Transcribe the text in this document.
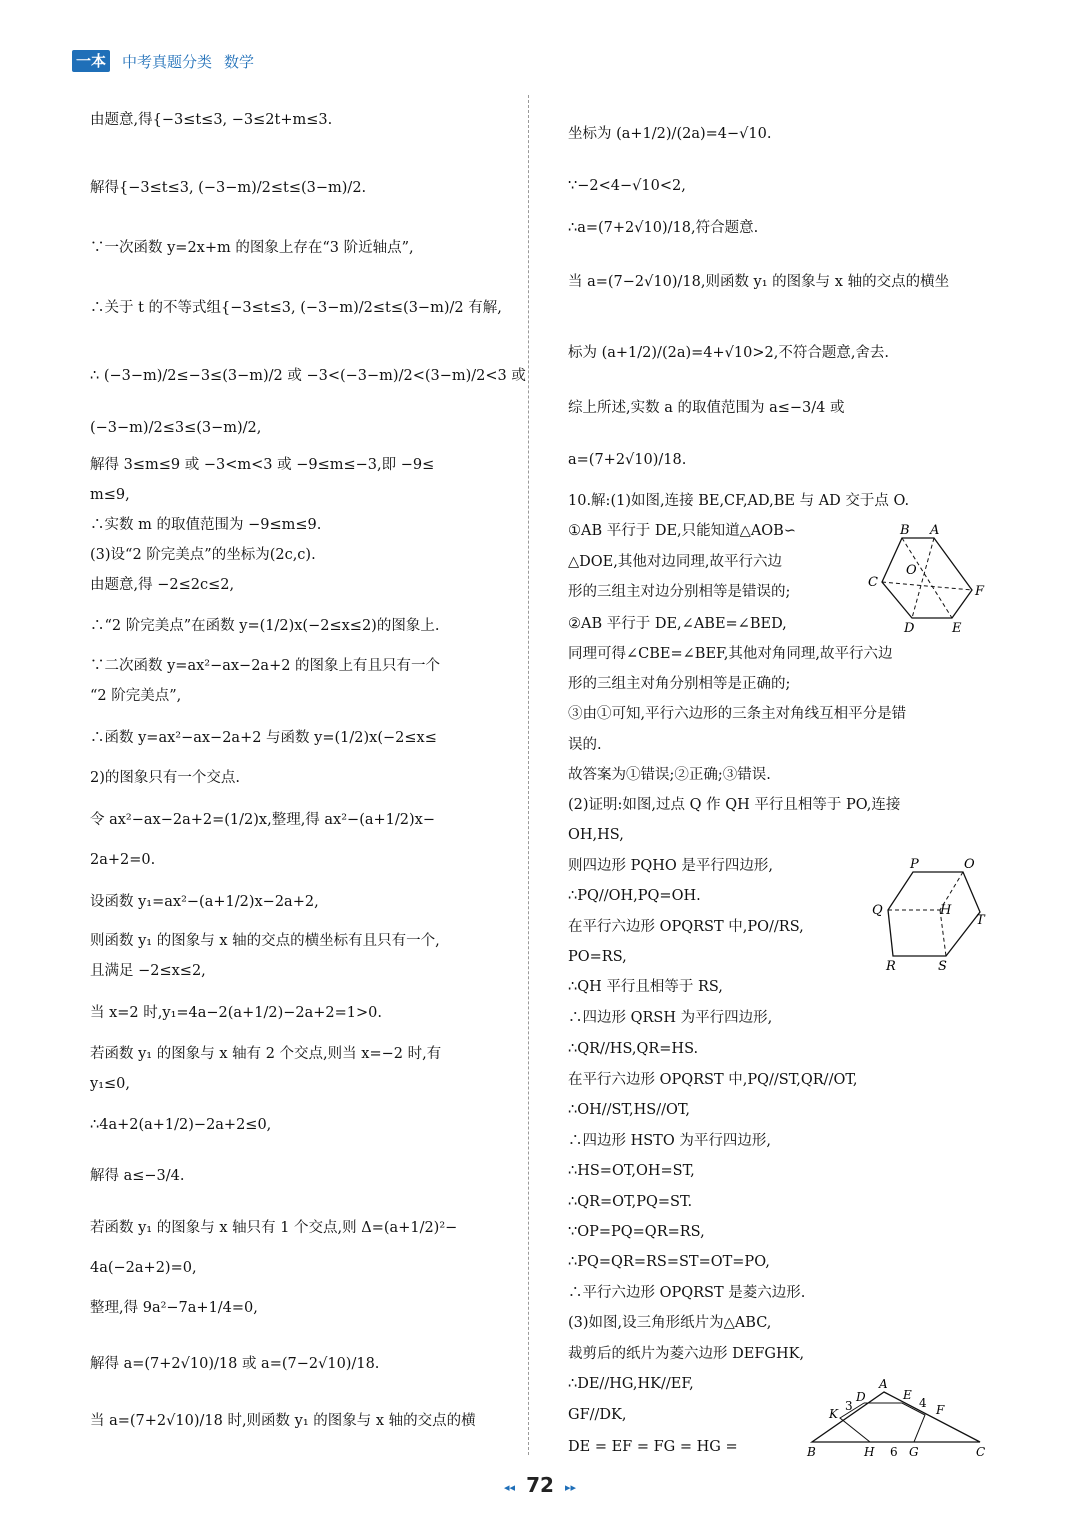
一本 中考真题分类 数学
由题意,得{−3≤t≤3, −3≤2t+m≤3.
解得{−3≤t≤3, (−3−m)/2≤t≤(3−m)/2.
∵一次函数 y=2x+m 的图象上存在“3 阶近轴点”,
∴关于 t 的不等式组{−3≤t≤3, (−3−m)/2≤t≤(3−m)/2 有解,
∴ (−3−m)/2≤−3≤(3−m)/2 或 −3<(−3−m)/2<(3−m)/2<3 或
(−3−m)/2≤3≤(3−m)/2,
解得 3≤m≤9 或 −3<m<3 或 −9≤m≤−3,即 −9≤
m≤9,
∴实数 m 的取值范围为 −9≤m≤9.
(3)设“2 阶完美点”的坐标为(2c,c).
由题意,得 −2≤2c≤2,
∴“2 阶完美点”在函数 y=(1/2)x(−2≤x≤2)的图象上.
∵二次函数 y=ax²−ax−2a+2 的图象上有且只有一个
“2 阶完美点”,
∴函数 y=ax²−ax−2a+2 与函数 y=(1/2)x(−2≤x≤
2)的图象只有一个交点.
令 ax²−ax−2a+2=(1/2)x,整理,得 ax²−(a+1/2)x−
2a+2=0.
设函数 y₁=ax²−(a+1/2)x−2a+2,
则函数 y₁ 的图象与 x 轴的交点的横坐标有且只有一个,
且满足 −2≤x≤2,
当 x=2 时,y₁=4a−2(a+1/2)−2a+2=1>0.
若函数 y₁ 的图象与 x 轴有 2 个交点,则当 x=−2 时,有
y₁≤0,
∴4a+2(a+1/2)−2a+2≤0,
解得 a≤−3/4.
若函数 y₁ 的图象与 x 轴只有 1 个交点,则 Δ=(a+1/2)²−
4a(−2a+2)=0,
整理,得 9a²−7a+1/4=0,
解得 a=(7+2√10)/18 或 a=(7−2√10)/18.
当 a=(7+2√10)/18 时,则函数 y₁ 的图象与 x 轴的交点的横
坐标为 (a+1/2)/(2a)=4−√10.
∵−2<4−√10<2,
∴a=(7+2√10)/18,符合题意.
当 a=(7−2√10)/18,则函数 y₁ 的图象与 x 轴的交点的横坐
标为 (a+1/2)/(2a)=4+√10>2,不符合题意,舍去.
综上所述,实数 a 的取值范围为 a≤−3/4 或
a=(7+2√10)/18.
10.解:(1)如图,连接 BE,CF,AD,BE 与 AD 交于点 O.
①AB 平行于 DE,只能知道△AOB∽
△DOE,其他对边同理,故平行六边
形的三组主对边分别相等是错误的;
②AB 平行于 DE,∠ABE=∠BED,
同理可得∠CBE=∠BEF,其他对角同理,故平行六边
形的三组主对角分别相等是正确的;
③由①可知,平行六边形的三条主对角线互相平分是错
误的.
故答案为①错误;②正确;③错误.
(2)证明:如图,过点 Q 作 QH 平行且相等于 PO,连接
OH,HS,
则四边形 PQHO 是平行四边形,
∴PQ//OH,PQ=OH.
在平行六边形 OPQRST 中,PO//RS,
PO=RS,
∴QH 平行且相等于 RS,
∴四边形 QRSH 为平行四边形,
∴QR//HS,QR=HS.
在平行六边形 OPQRST 中,PQ//ST,QR//OT,
∴OH//ST,HS//OT,
∴四边形 HSTO 为平行四边形,
∴HS=OT,OH=ST,
∴QR=OT,PQ=ST.
∵OP=PQ=QR=RS,
∴PQ=QR=RS=ST=OT=PO,
∴平行六边形 OPQRST 是菱六边形.
(3)如图,设三角形纸片为△ABC,
裁剪后的纸片为菱六边形 DEFGHK,
∴DE//HG,HK//EF,
GF//DK,
DE = EF = FG = HG =
B A
C
O
F
D	E
P	O
Q	H
T
R	S
A
D	E
K
3	4 F
B	H 6 G	C
◂◂ 72 ▸▸
